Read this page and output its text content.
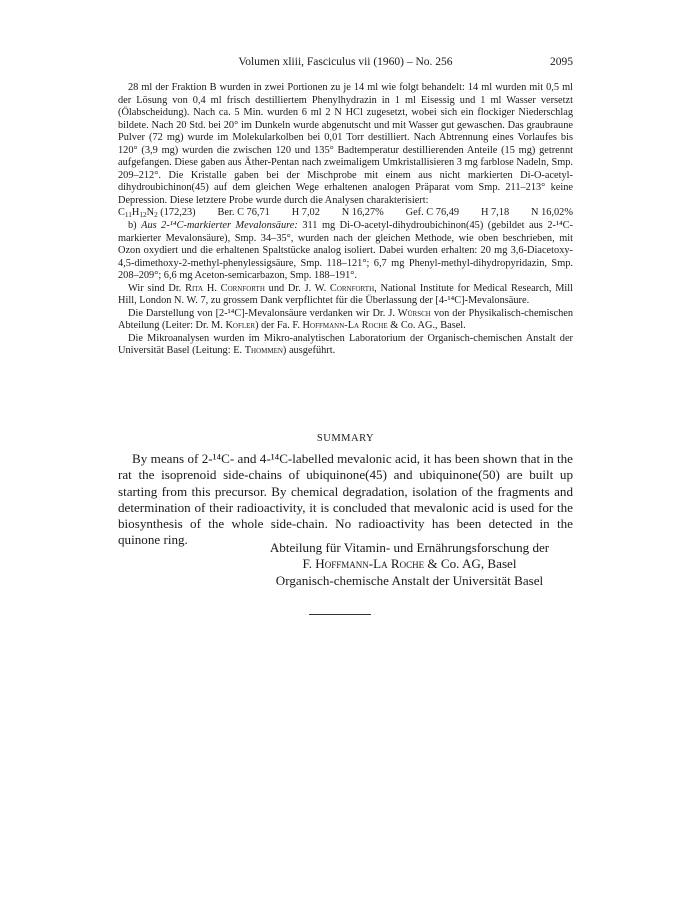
Volumen xliii, Fasciculus vii (1960) – No. 256	2095

28 ml der Fraktion B wurden in zwei Portionen zu je 14 ml wie folgt behandelt: 14 ml wurden mit 0,5 ml der Lösung von 0,4 ml frisch destilliertem Phenylhydrazin in 1 ml Eisessig und 1 ml Wasser versetzt (Ölabscheidung). Nach ca. 5 Min. wurden 6 ml 2 N HCl zugesetzt, wobei sich ein flockiger Niederschlag bildete. Nach 20 Std. bei 20° im Dunkeln wurde abgenutscht und mit Wasser gut gewaschen. Das graubraune Pulver (72 mg) wurde im Molekularkolben bei 0,01 Torr destilliert. Nach Abtrennung eines Vorlaufes bis 120° (3,9 mg) wurden die zwischen 120 und 135° Badtemperatur destillierenden Anteile (15 mg) getrennt aufgefangen. Diese gaben aus Äther-Pentan nach zweimaligem Umkristallisieren 3 mg farblose Nadeln, Smp. 209–212°. Die Kristalle gaben bei der Mischprobe mit einem aus nicht markierten Di-O-acetyl-dihydroubichinon(45) auf dem gleichen Wege erhaltenen analogen Präparat vom Smp. 211–213° keine Depression. Diese letztere Probe wurde durch die Analysen charakterisiert:

$C_{11}H_{12}N_2$ (172,23) Ber. C 76,71 H 7,02 N 16,27% Gef. C 76,49 H 7,18 N 16,02%

b) Aus 2-¹⁴C-markierter Mevalonsäure: 311 mg Di-O-acetyl-dihydroubichinon(45) (gebildet aus 2-¹⁴C-markierter Mevalonsäure), Smp. 34–35°, wurden nach der gleichen Methode, wie oben beschrieben, mit Ozon oxydiert und die erhaltenen Spaltstücke analog isoliert. Dabei wurden erhalten: 20 mg 3,6-Diacetoxy-4,5-dimethoxy-2-methyl-phenylessigsäure, Smp. 118–121°; 6,7 mg Phenyl-methyl-dihydropyridazin, Smp. 208–209°; 6,6 mg Aceton-semicarbazon, Smp. 188–191°.

Wir sind Dr. Rita H. Cornforth und Dr. J. W. Cornforth, National Institute for Medical Research, Mill Hill, London N. W. 7, zu grossem Dank verpflichtet für die Überlassung der [4-¹⁴C]-Mevalonsäure.

Die Darstellung von [2-¹⁴C]-Mevalonsäure verdanken wir Dr. J. Würsch von der Physikalisch-chemischen Abteilung (Leiter: Dr. M. Kofler) der Fa. F. Hoffmann-La Roche & Co. AG., Basel.

Die Mikroanalysen wurden im Mikro-analytischen Laboratorium der Organisch-chemischen Anstalt der Universität Basel (Leitung: E. Thommen) ausgeführt.

SUMMARY

By means of 2-¹⁴C- and 4-¹⁴C-labelled mevalonic acid, it has been shown that in the rat the isoprenoid side-chains of ubiquinone(45) and ubiquinone(50) are built up starting from this precursor. By chemical degradation, isolation of the fragments and determination of their radioactivity, it is concluded that mevalonic acid is used for the biosynthesis of the whole side-chain. No radioactivity has been detected in the quinone ring.

Abteilung für Vitamin- und Ernährungsforschung der
F. Hoffmann-La Roche & Co. AG, Basel
Organisch-chemische Anstalt der Universität Basel
